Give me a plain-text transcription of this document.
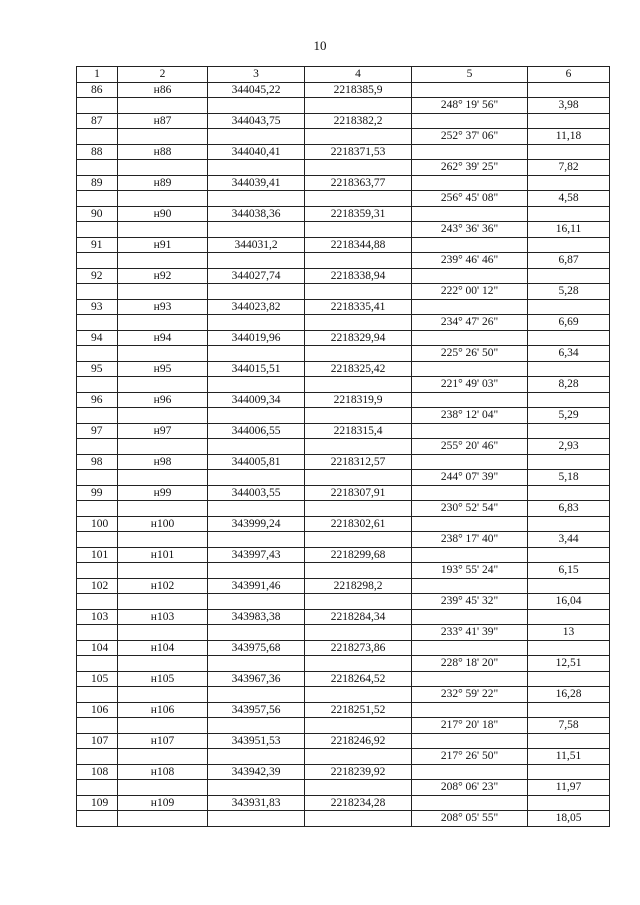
10
1	2	3	4	5	6
86	н86	344045,22	2218385,9		
				248° 19' 56"	3,98
87	н87	344043,75	2218382,2		
				252° 37' 06"	11,18
88	н88	344040,41	2218371,53		
				262° 39' 25"	7,82
89	н89	344039,41	2218363,77		
				256° 45' 08"	4,58
90	н90	344038,36	2218359,31		
				243° 36' 36"	16,11
91	н91	344031,2	2218344,88		
				239° 46' 46"	6,87
92	н92	344027,74	2218338,94		
				222° 00' 12"	5,28
93	н93	344023,82	2218335,41		
				234° 47' 26"	6,69
94	н94	344019,96	2218329,94		
				225° 26' 50"	6,34
95	н95	344015,51	2218325,42		
				221° 49' 03"	8,28
96	н96	344009,34	2218319,9		
				238° 12' 04"	5,29
97	н97	344006,55	2218315,4		
				255° 20' 46"	2,93
98	н98	344005,81	2218312,57		
				244° 07' 39"	5,18
99	н99	344003,55	2218307,91		
				230° 52' 54"	6,83
100	н100	343999,24	2218302,61		
				238° 17' 40"	3,44
101	н101	343997,43	2218299,68		
				193° 55' 24"	6,15
102	н102	343991,46	2218298,2		
				239° 45' 32"	16,04
103	н103	343983,38	2218284,34		
				233° 41' 39"	13
104	н104	343975,68	2218273,86		
				228° 18' 20"	12,51
105	н105	343967,36	2218264,52		
				232° 59' 22"	16,28
106	н106	343957,56	2218251,52		
				217° 20' 18"	7,58
107	н107	343951,53	2218246,92		
				217° 26' 50"	11,51
108	н108	343942,39	2218239,92		
				208° 06' 23"	11,97
109	н109	343931,83	2218234,28		
				208° 05' 55"	18,05
